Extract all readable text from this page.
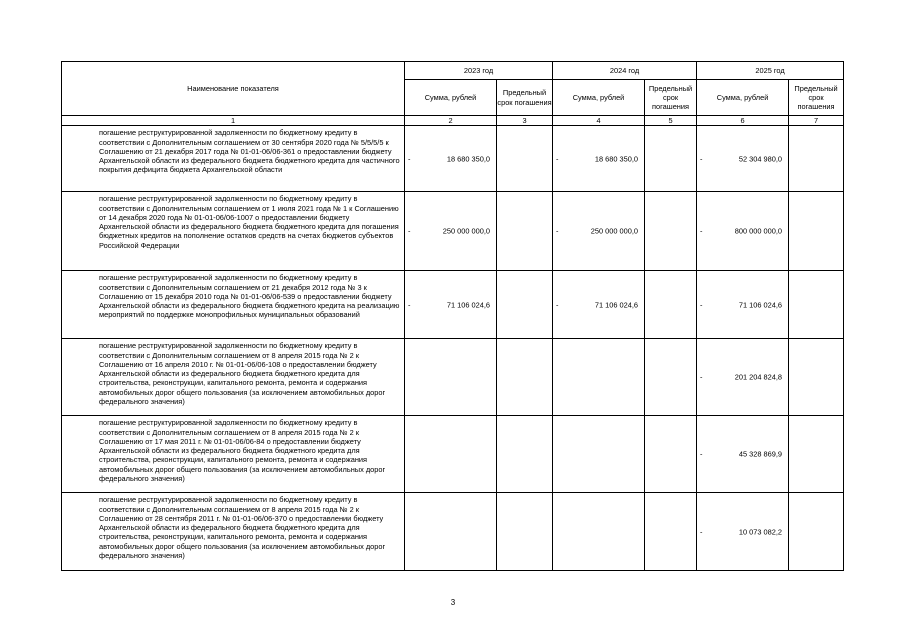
Наименование показателя	2023 год		2024 год		2025 год	
	Сумма, рублей	Предельный срок погашения	Сумма, рублей	Предельный срок погашения	Сумма, рублей	Предельный срок погашения
1	2	3	4	5	6	7
погашение реструктурированной задолженности по бюджетному кредиту в соответствии с Дополнительным соглашением от 30 сентября 2020 года № 5/5/5/5 к Соглашению от 21 декабря 2017 года № 01-01-06/06-361 о предоставлении бюджету Архангельской области из федерального бюджета бюджетного кредита для частичного покрытия дефицита бюджета Архангельской области	- 18 680 350,0		- 18 680 350,0		- 52 304 980,0	

погашение реструктурированной задолженности по бюджетному кредиту в соответствии с Дополнительным соглашением от 1 июля 2021 года № 1 к Соглашению от 14 декабря 2020 года № 01-01-06/06-1007 о предоставлении бюджету Архангельской области из федерального бюджета бюджетного кредита для погашения бюджетных кредитов на пополнение остатков средств на счетах бюджетов субъектов Российской Федерации	- 250 000 000,0		- 250 000 000,0		- 800 000 000,0	

погашение реструктурированной задолженности по бюджетному кредиту в соответствии с Дополнительным соглашением от 21 декабря 2012 года № 3 к Соглашению от 15 декабря 2010 года № 01-01-06/06-539 о предоставлении бюджету Архангельской области из федерального бюджета бюджетного кредита на реализацию мероприятий по поддержке монопрофильных муниципальных образований	- 71 106 024,6		- 71 106 024,6		- 71 106 024,6	

погашение реструктурированной задолженности по бюджетному кредиту в соответствии с Дополнительным соглашением от 8 апреля 2015 года № 2 к Соглашению от 16 апреля 2010 г. № 01-01-06/06-108 о предоставлении бюджету Архангельской области из федерального бюджета бюджетного кредита для строительства, реконструкции, капитального ремонта, ремонта и содержания автомобильных дорог общего пользования (за исключением автомобильных дорог федерального значения)					- 201 204 824,8	

погашение реструктурированной задолженности по бюджетному кредиту в соответствии с Дополнительным соглашением от 8 апреля 2015 года № 2 к Соглашению от 17 мая 2011 г. № 01-01-06/06-84 о предоставлении бюджету Архангельской области из федерального бюджета бюджетного кредита для строительства, реконструкции, капитального ремонта, ремонта и содержания автомобильных дорог общего пользования (за исключением автомобильных дорог федерального значения)					- 45 328 869,9	

погашение реструктурированной задолженности по бюджетному кредиту в соответствии с Дополнительным соглашением от 8 апреля 2015 года № 2 к Соглашению от 28 сентября 2011 г. № 01-01-06/06-370 о предоставлении бюджету Архангельской области из федерального бюджета бюджетного кредита для строительства, реконструкции, капитального ремонта, ремонта и содержания автомобильных дорог общего пользования (за исключением автомобильных дорог федерального значения)					- 10 073 082,2	

3
